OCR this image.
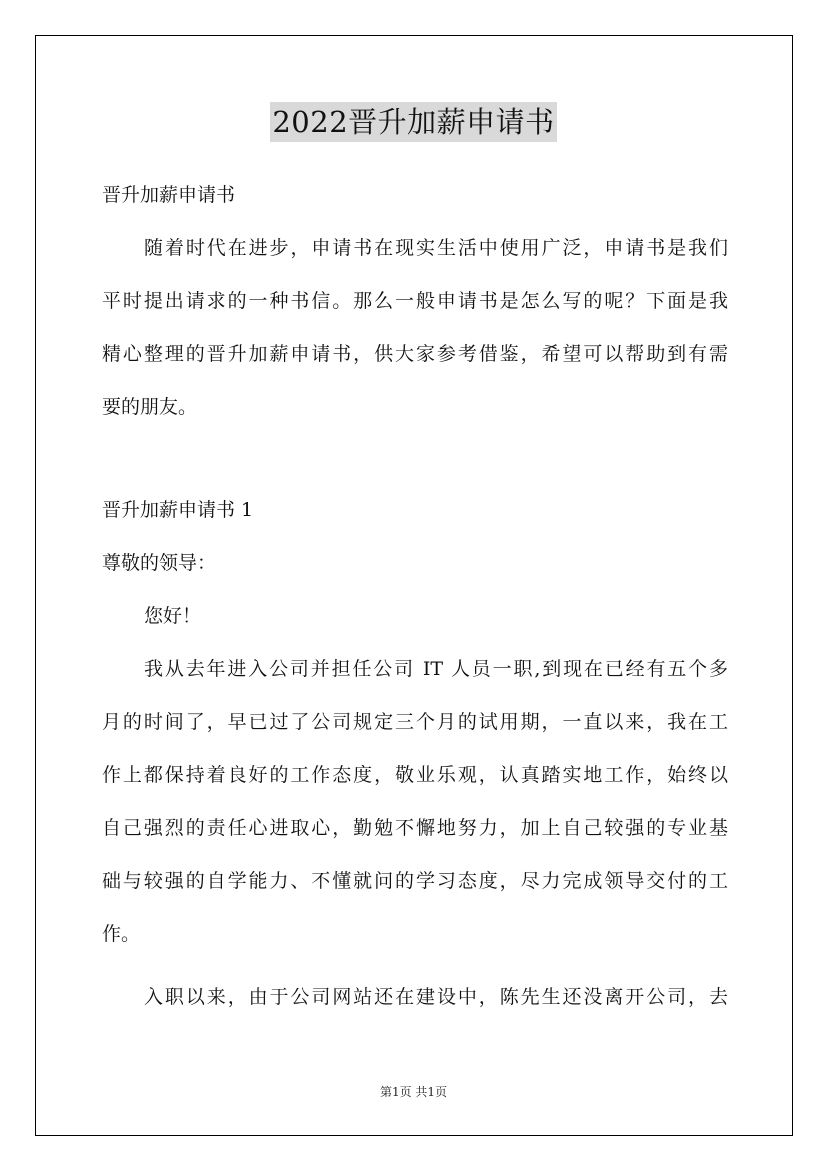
2022晋升加薪申请书

晋升加薪申请书

随着时代在进步，申请书在现实生活中使用广泛，申请书是我们

平时提出请求的一种书信。那么一般申请书是怎么写的呢？下面是我

精心整理的晋升加薪申请书，供大家参考借鉴，希望可以帮助到有需

要的朋友。

晋升加薪申请书 1

尊敬的领导：

您好！

我从去年进入公司并担任公司 IT 人员一职,到现在已经有五个多

月的时间了，早已过了公司规定三个月的试用期，一直以来，我在工

作上都保持着良好的工作态度，敬业乐观，认真踏实地工作，始终以

自己强烈的责任心进取心，勤勉不懈地努力，加上自己较强的专业基

础与较强的自学能力、不懂就问的学习态度，尽力完成领导交付的工

作。

入职以来，由于公司网站还在建设中，陈先生还没离开公司，去

第1页 共1页
